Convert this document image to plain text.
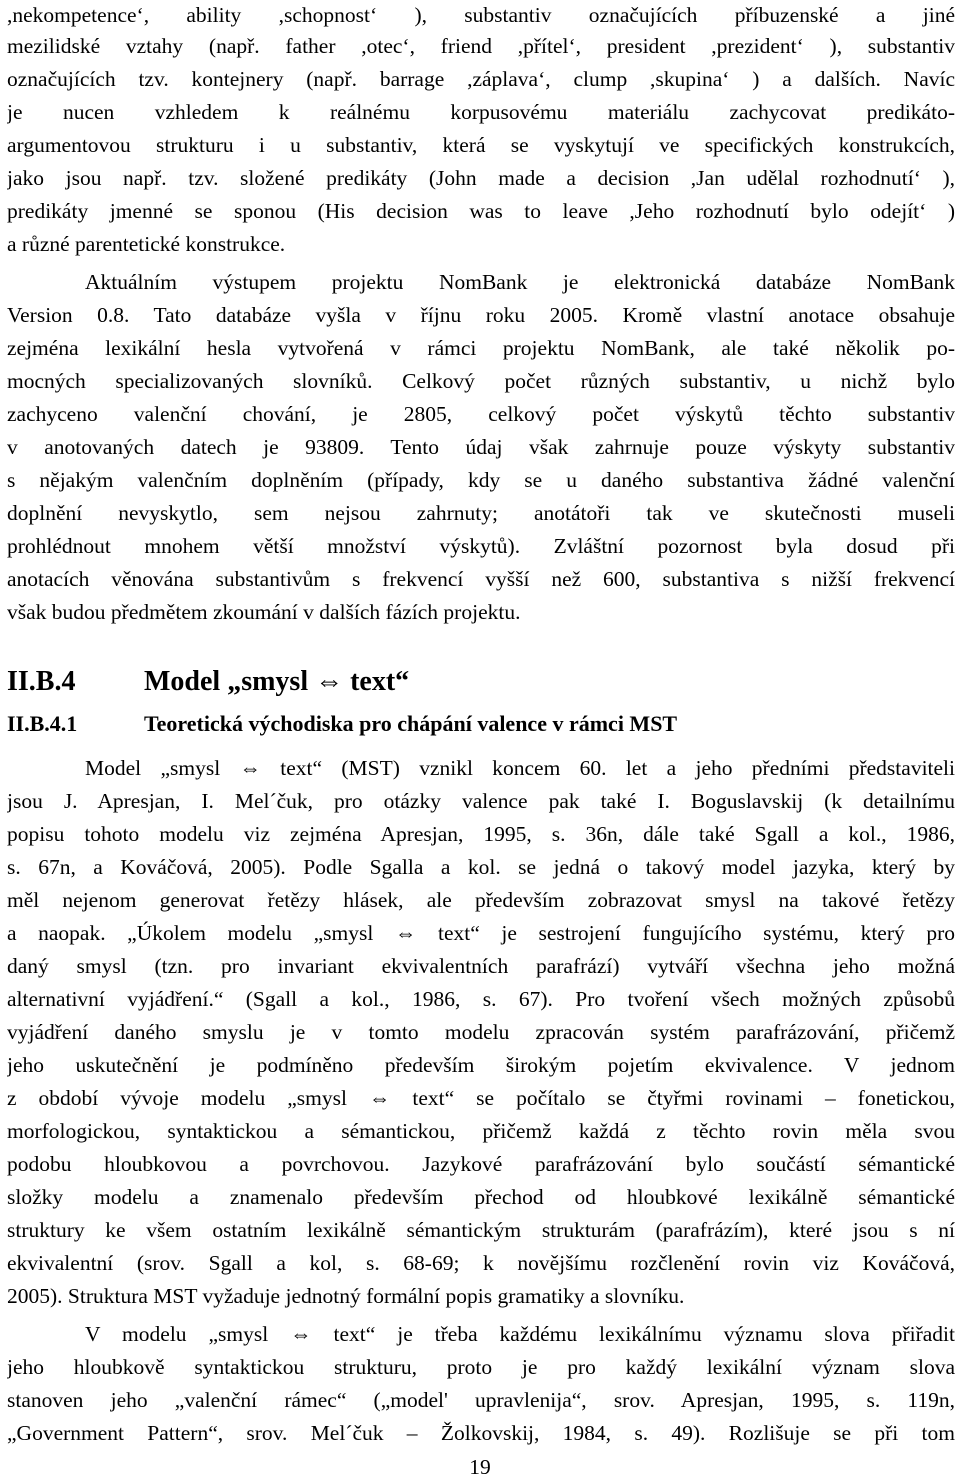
,nekompetence‘, ability ,schopnost‘ ), substantiv označujících příbuzenské a jiné
mezilidské vztahy (např. father ,otec‘, friend ,přítel‘, president ,prezident‘ ), substantiv
označujících tzv. kontejnery (např. barrage ,záplava‘, clump ,skupina‘ ) a dalších. Navíc
je nucen vzhledem k reálnému korpusovému materiálu zachycovat predikáto-
argumentovou strukturu i u substantiv, která se vyskytují ve specifických konstrukcích,
jako jsou např. tzv. složené predikáty (John made a decision ,Jan udělal rozhodnutí‘ ),
predikáty jmenné se sponou (His decision was to leave ,Jeho rozhodnutí bylo odejít‘ )
a různé parentetické konstrukce.
Aktuálním výstupem projektu NomBank je elektronická databáze NomBank
Version 0.8. Tato databáze vyšla v říjnu roku 2005. Kromě vlastní anotace obsahuje
zejména lexikální hesla vytvořená v rámci projektu NomBank, ale také několik po-
mocných specializovaných slovníků. Celkový počet různých substantiv, u nichž bylo
zachyceno valenční chování, je 2805, celkový počet výskytů těchto substantiv
v anotovaných datech je 93809. Tento údaj však zahrnuje pouze výskyty substantiv
s nějakým valenčním doplněním (případy, kdy se u daného substantiva žádné valenční
doplnění nevyskytlo, sem nejsou zahrnuty; anotátoři tak ve skutečnosti museli
prohlédnout mnohem větší množství výskytů). Zvláštní pozornost byla dosud při
anotacích věnována substantivům s frekvencí vyšší než 600, substantiva s nižší frekvencí
však budou předmětem zkoumání v dalších fázích projektu.
II.B.4 Model „smysl ⇔ text“
II.B.4.1	Teoretická východiska pro chápání valence v rámci MST
Model „smysl ⇔ text“ (MST) vznikl koncem 60. let a jeho předními představiteli
jsou J. Apresjan, I. Mel´čuk, pro otázky valence pak také I. Boguslavskij (k detailnímu
popisu tohoto modelu viz zejména Apresjan, 1995, s. 36n, dále také Sgall a kol., 1986,
s. 67n, a Kováčová, 2005). Podle Sgalla a kol. se jedná o takový model jazyka, který by
měl nejenom generovat řetězy hlásek, ale především zobrazovat smysl na takové řetězy
a naopak. „Úkolem modelu „smysl ⇔ text“ je sestrojení fungujícího systému, který pro
daný smysl (tzn. pro invariant ekvivalentních parafrází) vytváří všechna jeho možná
alternativní vyjádření.“ (Sgall a kol., 1986, s. 67). Pro tvoření všech možných způsobů
vyjádření daného smyslu je v tomto modelu zpracován systém parafrázování, přičemž
jeho uskutečnění je podmíněno především širokým pojetím ekvivalence. V jednom
z období vývoje modelu „smysl ⇔ text“ se počítalo se čtyřmi rovinami – fonetickou,
morfologickou, syntaktickou a sémantickou, přičemž každá z těchto rovin měla svou
podobu hloubkovou a povrchovou. Jazykové parafrázování bylo součástí sémantické
složky modelu a znamenalo především přechod od hloubkové lexikálně sémantické
struktury ke všem ostatním lexikálně sémantickým strukturám (parafrázím), které jsou s ní
ekvivalentní (srov. Sgall a kol, s. 68-69; k novějšímu rozčlenění rovin viz Kováčová,
2005). Struktura MST vyžaduje jednotný formální popis gramatiky a slovníku.
V modelu „smysl ⇔ text“ je třeba každému lexikálnímu významu slova přiřadit
jeho hloubkově syntaktickou strukturu, proto je pro každý lexikální význam slova
stanoven jeho „valenční rámec“ („model' upravlenija“, srov. Apresjan, 1995, s. 119n,
„Government Pattern“, srov. Mel´čuk – Žolkovskij, 1984, s. 49). Rozlišuje se při tom
19
